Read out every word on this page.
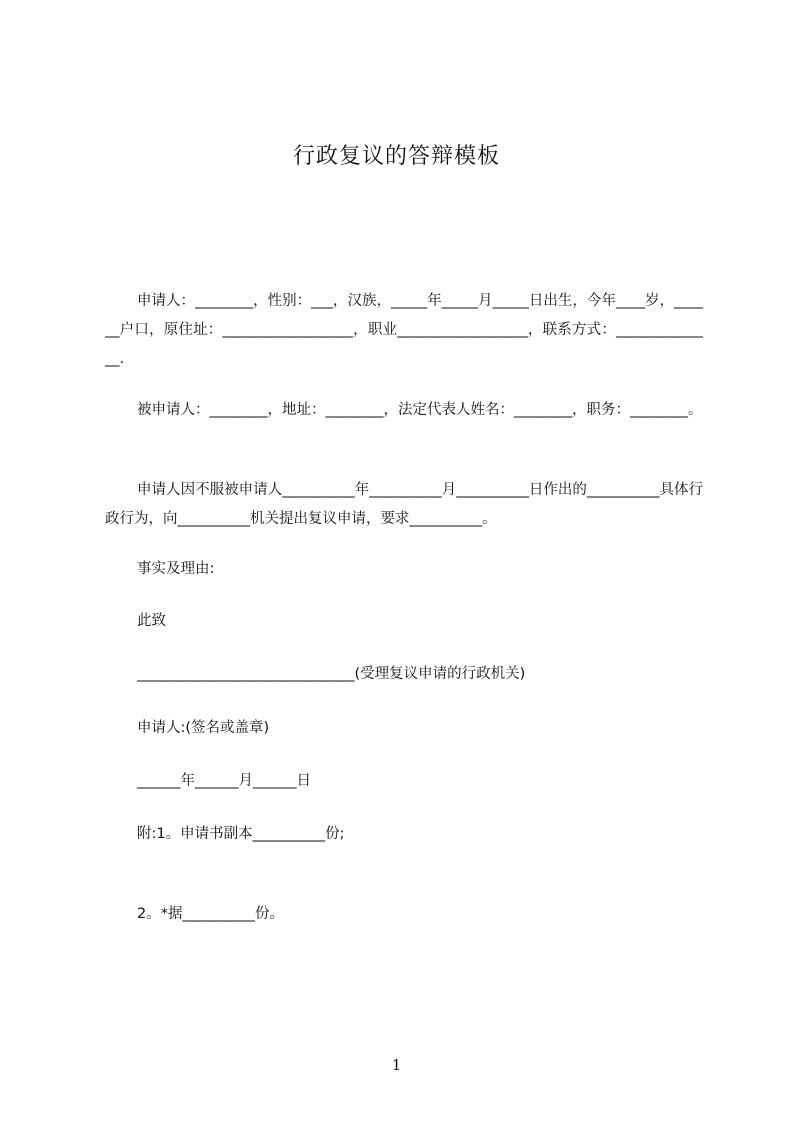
行政复议的答辩模板

申请人：________，性别：___，汉族，_____年_____月_____日出生，今年____岁，______户口，原住址：__________________，职业__________________，联系方式：______________.

被申请人：________，地址：________，法定代表人姓名：________，职务：________。

申请人因不服被申请人__________年__________月__________日作出的__________具体行政行为，向__________机关提出复议申请，要求__________。

事实及理由:
此致
______________________________(受理复议申请的行政机关)
申请人:(签名或盖章)
______年______月______日
附:1。申请书副本__________份;
2。*据__________份。
1
